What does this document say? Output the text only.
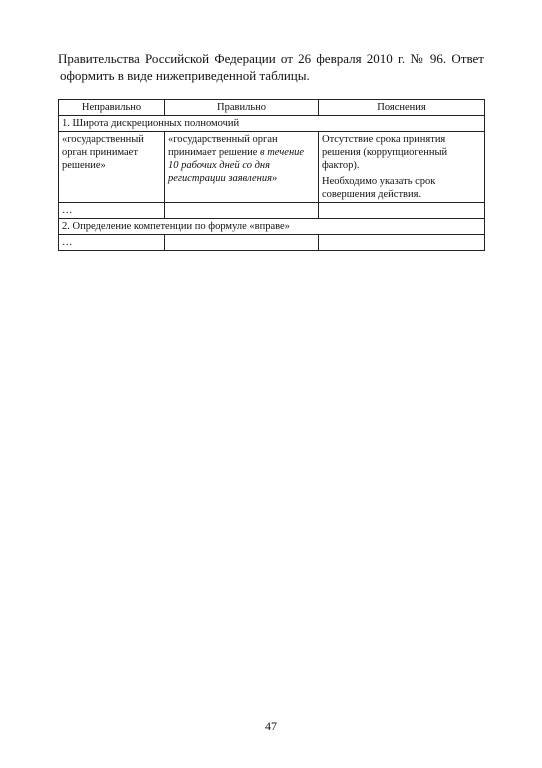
Правительства Российской Федерации от 26 февраля 2010 г. № 96. Ответ
оформить в виде нижеприведенной таблицы.
Неправильно	Правильно	Пояснения
1. Широта дискреционных полномочий		
«государственный орган принимает решение»	«государственный орган принимает решение в течение 10 рабочих дней со дня регистрации заявления»	Отсутствие срока принятия решения (коррупциогенный фактор).
Необходимо указать срок совершения действия.

…		
2. Определение компетенции по формуле «вправе»		
…		
47
